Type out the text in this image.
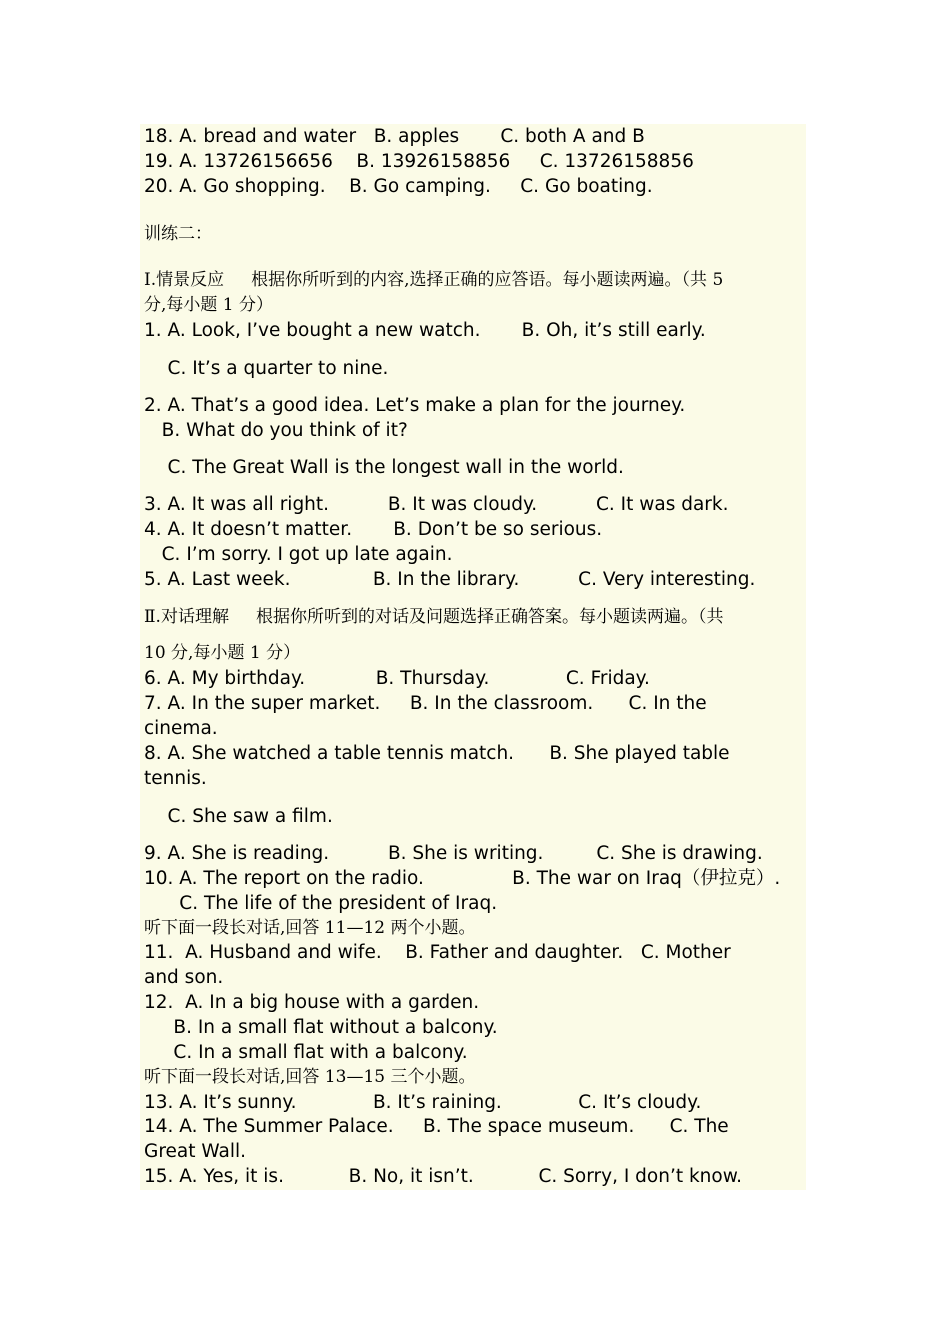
18. A. bread and water   B. apples       C. both A and B
19. A. 13726156656    B. 13926158856     C. 13726158856
20. A. Go shopping.    B. Go camping.     C. Go boating.
训练二：
Ⅰ.情景反应     根据你所听到的内容,选择正确的应答语。每小题读两遍。（共 5
分,每小题 1 分）
1. A. Look, I’ve bought a new watch.       B. Oh, it’s still early.
C. It’s a quarter to nine.
2. A. That’s a good idea. Let’s make a plan for the journey.
B. What do you think of it?
C. The Great Wall is the longest wall in the world.
3. A. It was all right.          B. It was cloudy.          C. It was dark.
4. A. It doesn’t matter.       B. Don’t be so serious.
C. I’m sorry. I got up late again.
5. A. Last week.              B. In the library.          C. Very interesting.
Ⅱ.对话理解     根据你所听到的对话及问题选择正确答案。每小题读两遍。（共
10 分,每小题 1 分）
6. A. My birthday.            B. Thursday.             C. Friday.
7. A. In the super market.     B. In the classroom.      C. In the
cinema.
8. A. She watched a table tennis match.      B. She played table
tennis.
C. She saw a film.
9. A. She is reading.          B. She is writing.         C. She is drawing.
10. A. The report on the radio.               B. The war on Iraq（伊拉克）.
C. The life of the president of Iraq.
听下面一段长对话,回答 11—12 两个小题。
11.  A. Husband and wife.    B. Father and daughter.   C. Mother
and son.
12.  A. In a big house with a garden.
B. In a small flat without a balcony.
C. In a small flat with a balcony.
听下面一段长对话,回答 13—15 三个小题。
13. A. It’s sunny.             B. It’s raining.             C. It’s cloudy.
14. A. The Summer Palace.     B. The space museum.      C. The
Great Wall.
15. A. Yes, it is.           B. No, it isn’t.           C. Sorry, I don’t know.
